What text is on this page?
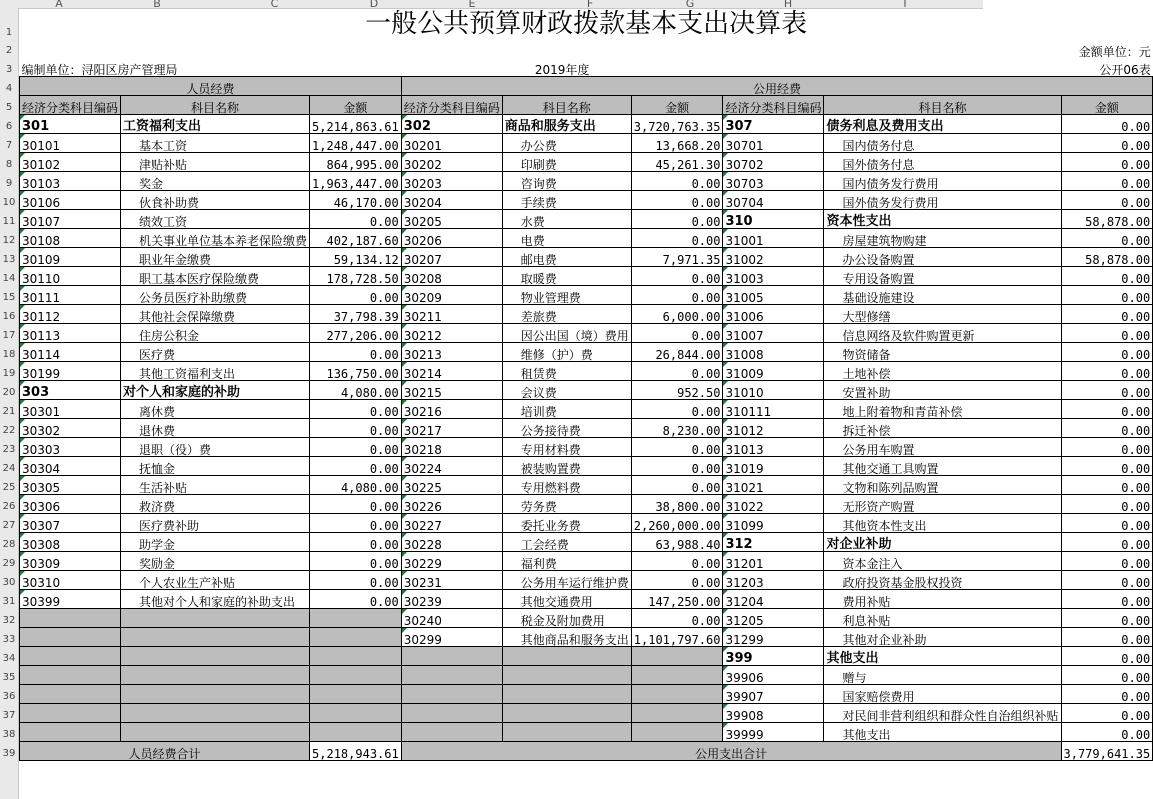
A	B	C	D	E	F	G	H	I
1
2
3
4
5
6
7
8
9
10
11
12
13
14
15
16
17
18
19
20
21
22
23
24
25
26
27
28
29
30
31
32
33
34
35
36
37
38
39
一般公共预算财政拨款基本支出决算表								
金额单位：元								
编制单位：浔阳区房产管理局			2019年度			公开06表		
人员经费			公用经费					
经济分类科目编码	科目名称	金额	经济分类科目编码	科目名称	金额	经济分类科目编码	科目名称	金额
301	工资福利支出	5,214,863.61	302	商品和服务支出	3,720,763.35	307	债务利息及费用支出	0.00
30101	基本工资	1,248,447.00	30201	办公费	13,668.20	30701	国内债务付息	0.00
30102	津贴补贴	864,995.00	30202	印刷费	45,261.30	30702	国外债务付息	0.00
30103	奖金	1,963,447.00	30203	咨询费	0.00	30703	国内债务发行费用	0.00
30106	伙食补助费	46,170.00	30204	手续费	0.00	30704	国外债务发行费用	0.00
30107	绩效工资	0.00	30205	水费	0.00	310	资本性支出	58,878.00
30108	机关事业单位基本养老保险缴费	402,187.60	30206	电费	0.00	31001	房屋建筑物购建	0.00
30109	职业年金缴费	59,134.12	30207	邮电费	7,971.35	31002	办公设备购置	58,878.00
30110	职工基本医疗保险缴费	178,728.50	30208	取暖费	0.00	31003	专用设备购置	0.00
30111	公务员医疗补助缴费	0.00	30209	物业管理费	0.00	31005	基础设施建设	0.00
30112	其他社会保障缴费	37,798.39	30211	差旅费	6,000.00	31006	大型修缮	0.00
30113	住房公积金	277,206.00	30212	因公出国（境）费用	0.00	31007	信息网络及软件购置更新	0.00
30114	医疗费	0.00	30213	维修（护）费	26,844.00	31008	物资储备	0.00
30199	其他工资福利支出	136,750.00	30214	租赁费	0.00	31009	土地补偿	0.00
303	对个人和家庭的补助	4,080.00	30215	会议费	952.50	31010	安置补助	0.00
30301	离休费	0.00	30216	培训费	0.00	310111	地上附着物和青苗补偿	0.00
30302	退休费	0.00	30217	公务接待费	8,230.00	31012	拆迁补偿	0.00
30303	退职（役）费	0.00	30218	专用材料费	0.00	31013	公务用车购置	0.00
30304	抚恤金	0.00	30224	被装购置费	0.00	31019	其他交通工具购置	0.00
30305	生活补贴	4,080.00	30225	专用燃料费	0.00	31021	文物和陈列品购置	0.00
30306	救济费	0.00	30226	劳务费	38,800.00	31022	无形资产购置	0.00
30307	医疗费补助	0.00	30227	委托业务费	2,260,000.00	31099	其他资本性支出	0.00
30308	助学金	0.00	30228	工会经费	63,988.40	312	对企业补助	0.00
30309	奖励金	0.00	30229	福利费	0.00	31201	资本金注入	0.00
30310	个人农业生产补贴	0.00	30231	公务用车运行维护费	0.00	31203	政府投资基金股权投资	0.00
30399	其他对个人和家庭的补助支出	0.00	30239	其他交通费用	147,250.00	31204	费用补贴	0.00
			30240	税金及附加费用	0.00	31205	利息补贴	0.00
			30299	其他商品和服务支出	1,101,797.60	31299	其他对企业补助	0.00
						399	其他支出	0.00
						39906	赠与	0.00
						39907	国家赔偿费用	0.00
						39908	对民间非营利组织和群众性自治组织补贴	0.00
						39999	其他支出	0.00
人员经费合计		5,218,943.61	公用支出合计					3,779,641.35
